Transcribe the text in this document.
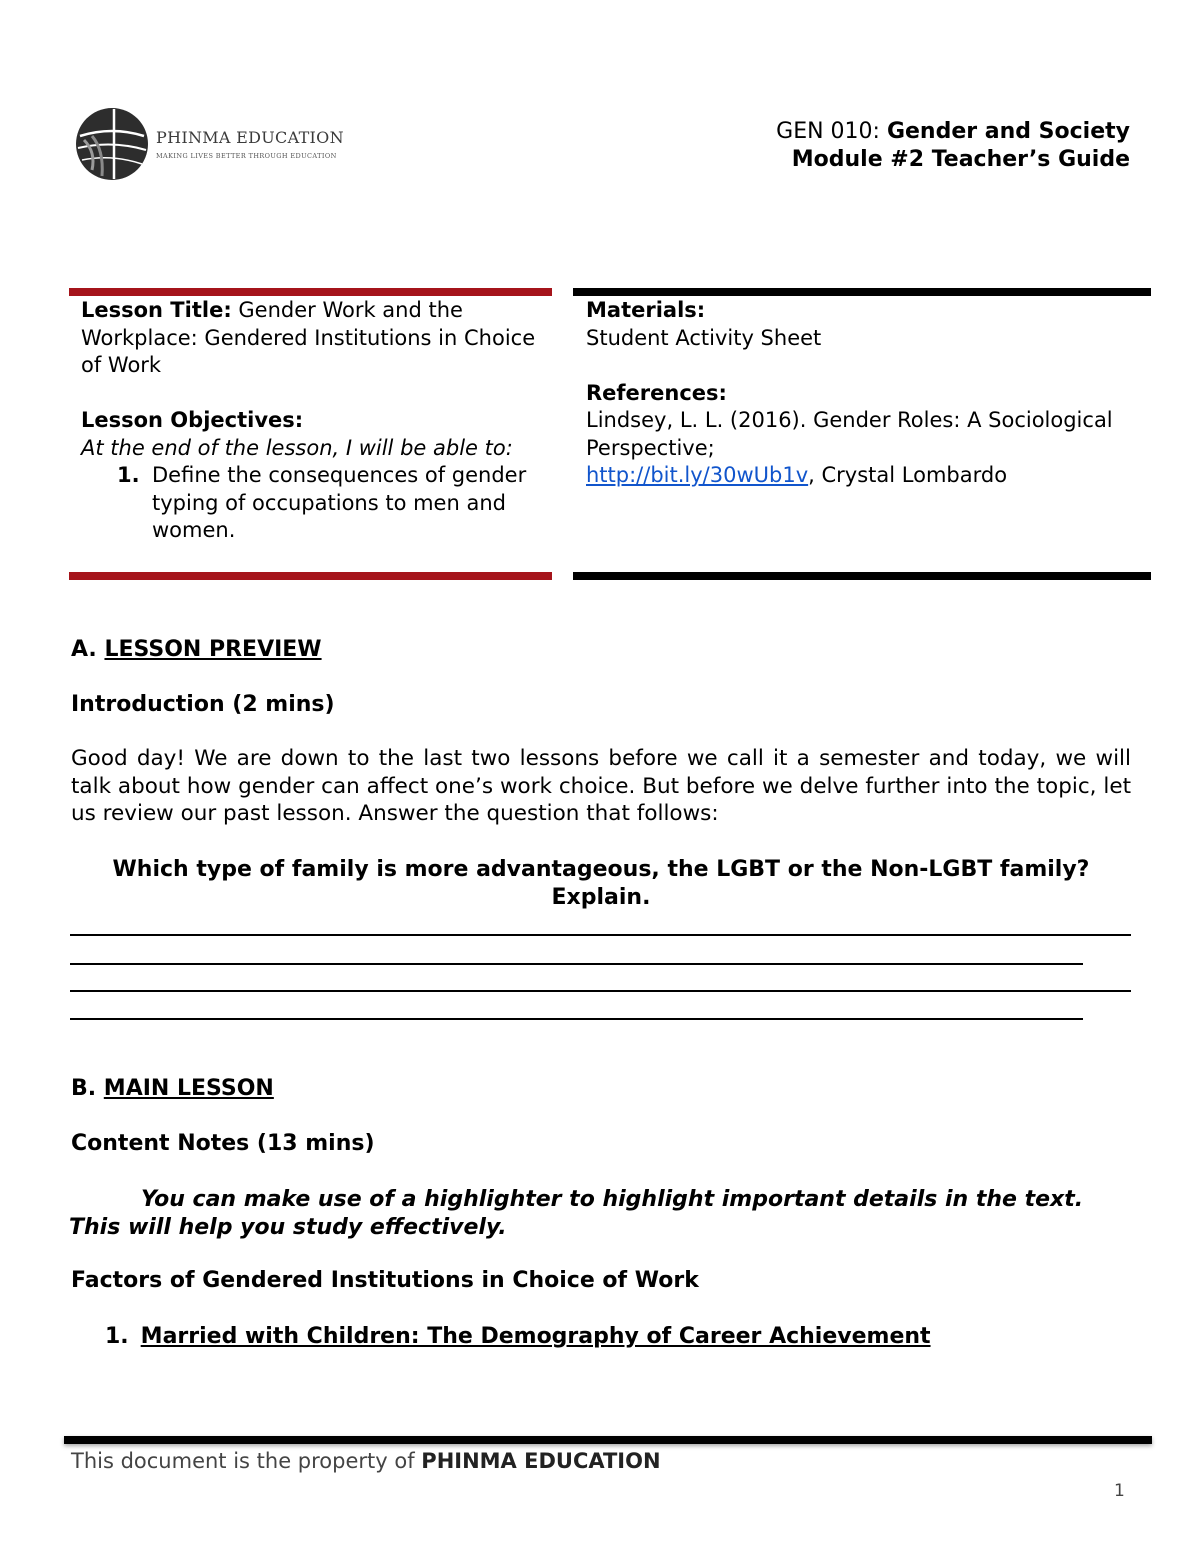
PHINMA EDUCATION
MAKING LIVES BETTER THROUGH EDUCATION
GEN 010: Gender and Society
Module #2 Teacher’s Guide
Lesson Title: Gender Work and the Workplace: Gendered Institutions in Choice of Work
Lesson Objectives:
At the end of the lesson, I will be able to:
1. Define the consequences of gender typing of occupations to men and women.
Materials:
Student Activity Sheet
References:
Lindsey, L. L. (2016). Gender Roles: A Sociological Perspective;
http://bit.ly/30wUb1v, Crystal Lombardo
A. LESSON PREVIEW
Introduction (2 mins)
Good day! We are down to the last two lessons before we call it a semester and today, we will talk about how gender can affect one’s work choice. But before we delve further into the topic, let us review our past lesson. Answer the question that follows:
Which type of family is more advantageous, the LGBT or the Non-LGBT family? Explain.
B. MAIN LESSON
Content Notes (13 mins)
You can make use of a highlighter to highlight important details in the text. This will help you study effectively.
Factors of Gendered Institutions in Choice of Work
1. Married with Children: The Demography of Career Achievement
This document is the property of PHINMA EDUCATION
1
